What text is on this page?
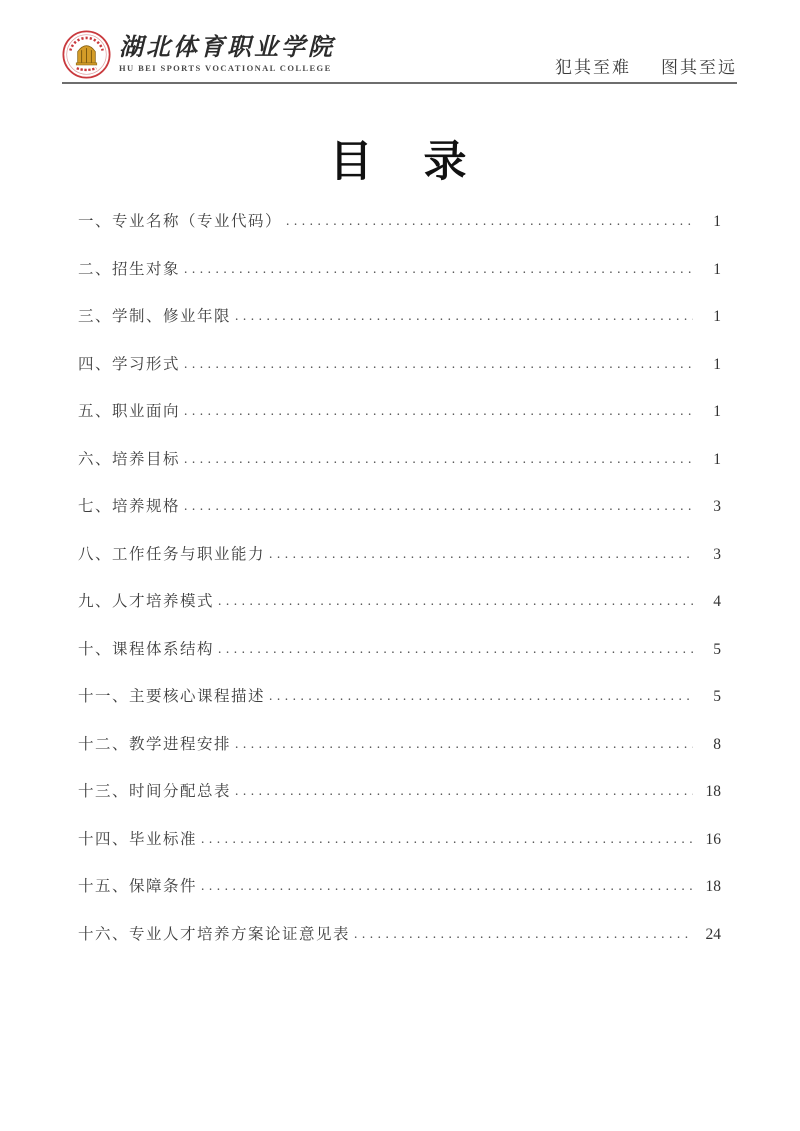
湖北体育职业学院
HU BEI SPORTS VOCATIONAL COLLEGE	犯其至难 图其至远
目　录
一、专业名称（专业代码） .....	1
二、招生对象 .....	1
三、学制、修业年限 .....	1
四、学习形式 .....	1
五、职业面向 .....	1
六、培养目标 .....	1
七、培养规格 .....	3
八、工作任务与职业能力 .....	3
九、人才培养模式 .....	4
十、课程体系结构 .....	5
十一、主要核心课程描述 .....	5
十二、教学进程安排 .....	8
十三、时间分配总表 .....	18
十四、毕业标准 .....	16
十五、保障条件 .....	18
十六、专业人才培养方案论证意见表 .....	24
